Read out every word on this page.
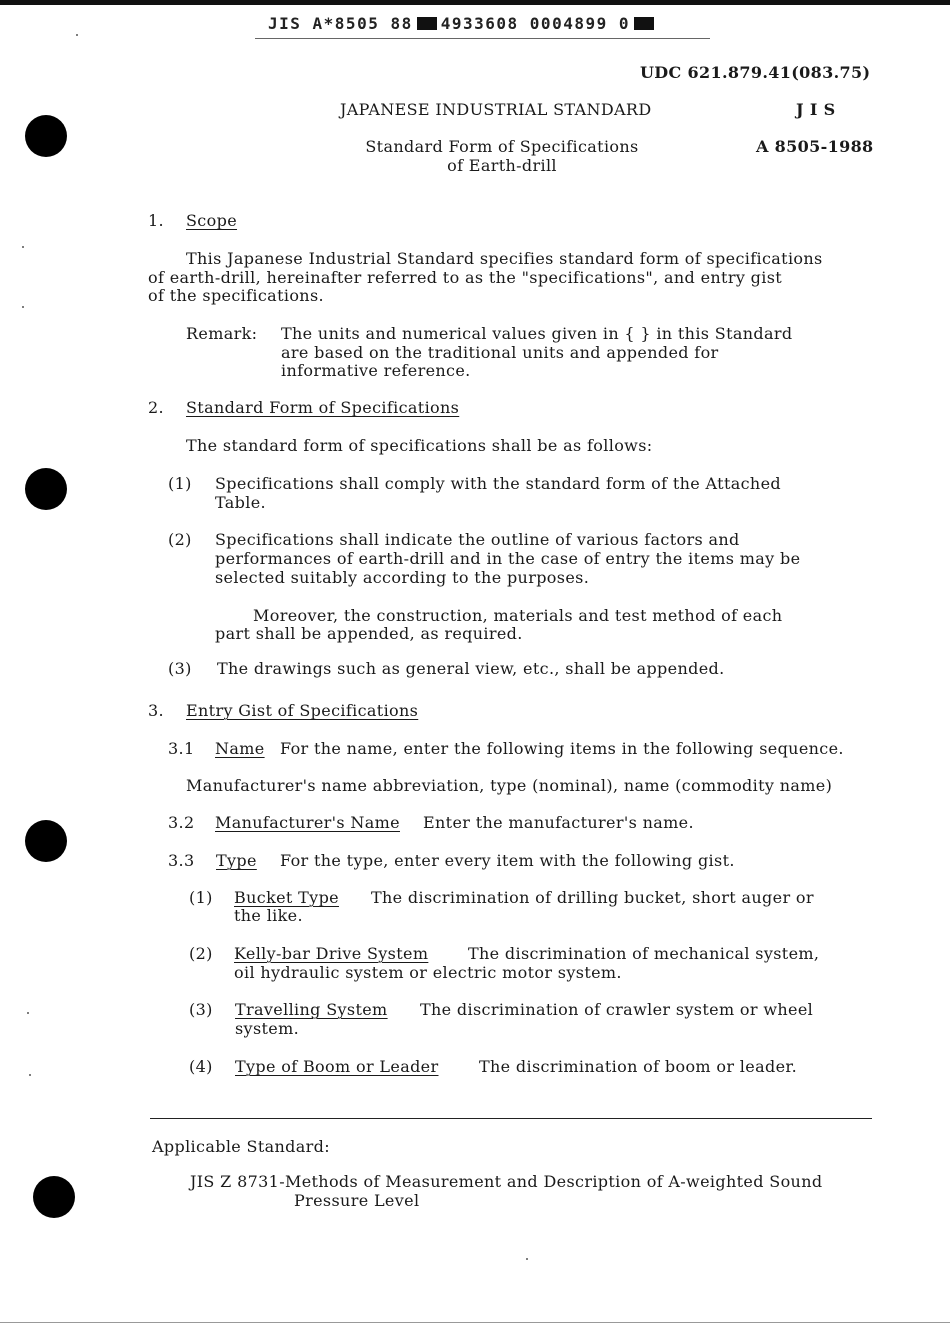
JIS A*8505 88 4933608 0004899 0
UDC 621.879.41(083.75)
JAPANESE INDUSTRIAL STANDARD	J I S
Standard Form of Specifications
of Earth-drill
A 8505-1988
1. Scope
This Japanese Industrial Standard specifies standard form of specifications
of earth-drill, hereinafter referred to as the "specifications", and entry gist
of the specifications.
Remark: The units and numerical values given in { } in this Standard
are based on the traditional units and appended for
informative reference.
2. Standard Form of Specifications
The standard form of specifications shall be as follows:
(1) Specifications shall comply with the standard form of the Attached
Table.
(2) Specifications shall indicate the outline of various factors and
performances of earth-drill and in the case of entry the items may be
selected suitably according to the purposes.
Moreover, the construction, materials and test method of each
part shall be appended, as required.
(3) The drawings such as general view, etc., shall be appended.
3. Entry Gist of Specifications
3.1 Name For the name, enter the following items in the following sequence.
Manufacturer's name abbreviation, type (nominal), name (commodity name)
3.2 Manufacturer's Name Enter the manufacturer's name.
3.3 Type For the type, enter every item with the following gist.
(1) Bucket Type The discrimination of drilling bucket, short auger or
the like.
(2) Kelly-bar Drive System The discrimination of mechanical system,
oil hydraulic system or electric motor system.
(3) Travelling System The discrimination of crawler system or wheel
system.
(4) Type of Boom or Leader	The discrimination of boom or leader.
Applicable Standard:
JIS Z 8731-Methods of Measurement and Description of A-weighted Sound
Pressure Level
